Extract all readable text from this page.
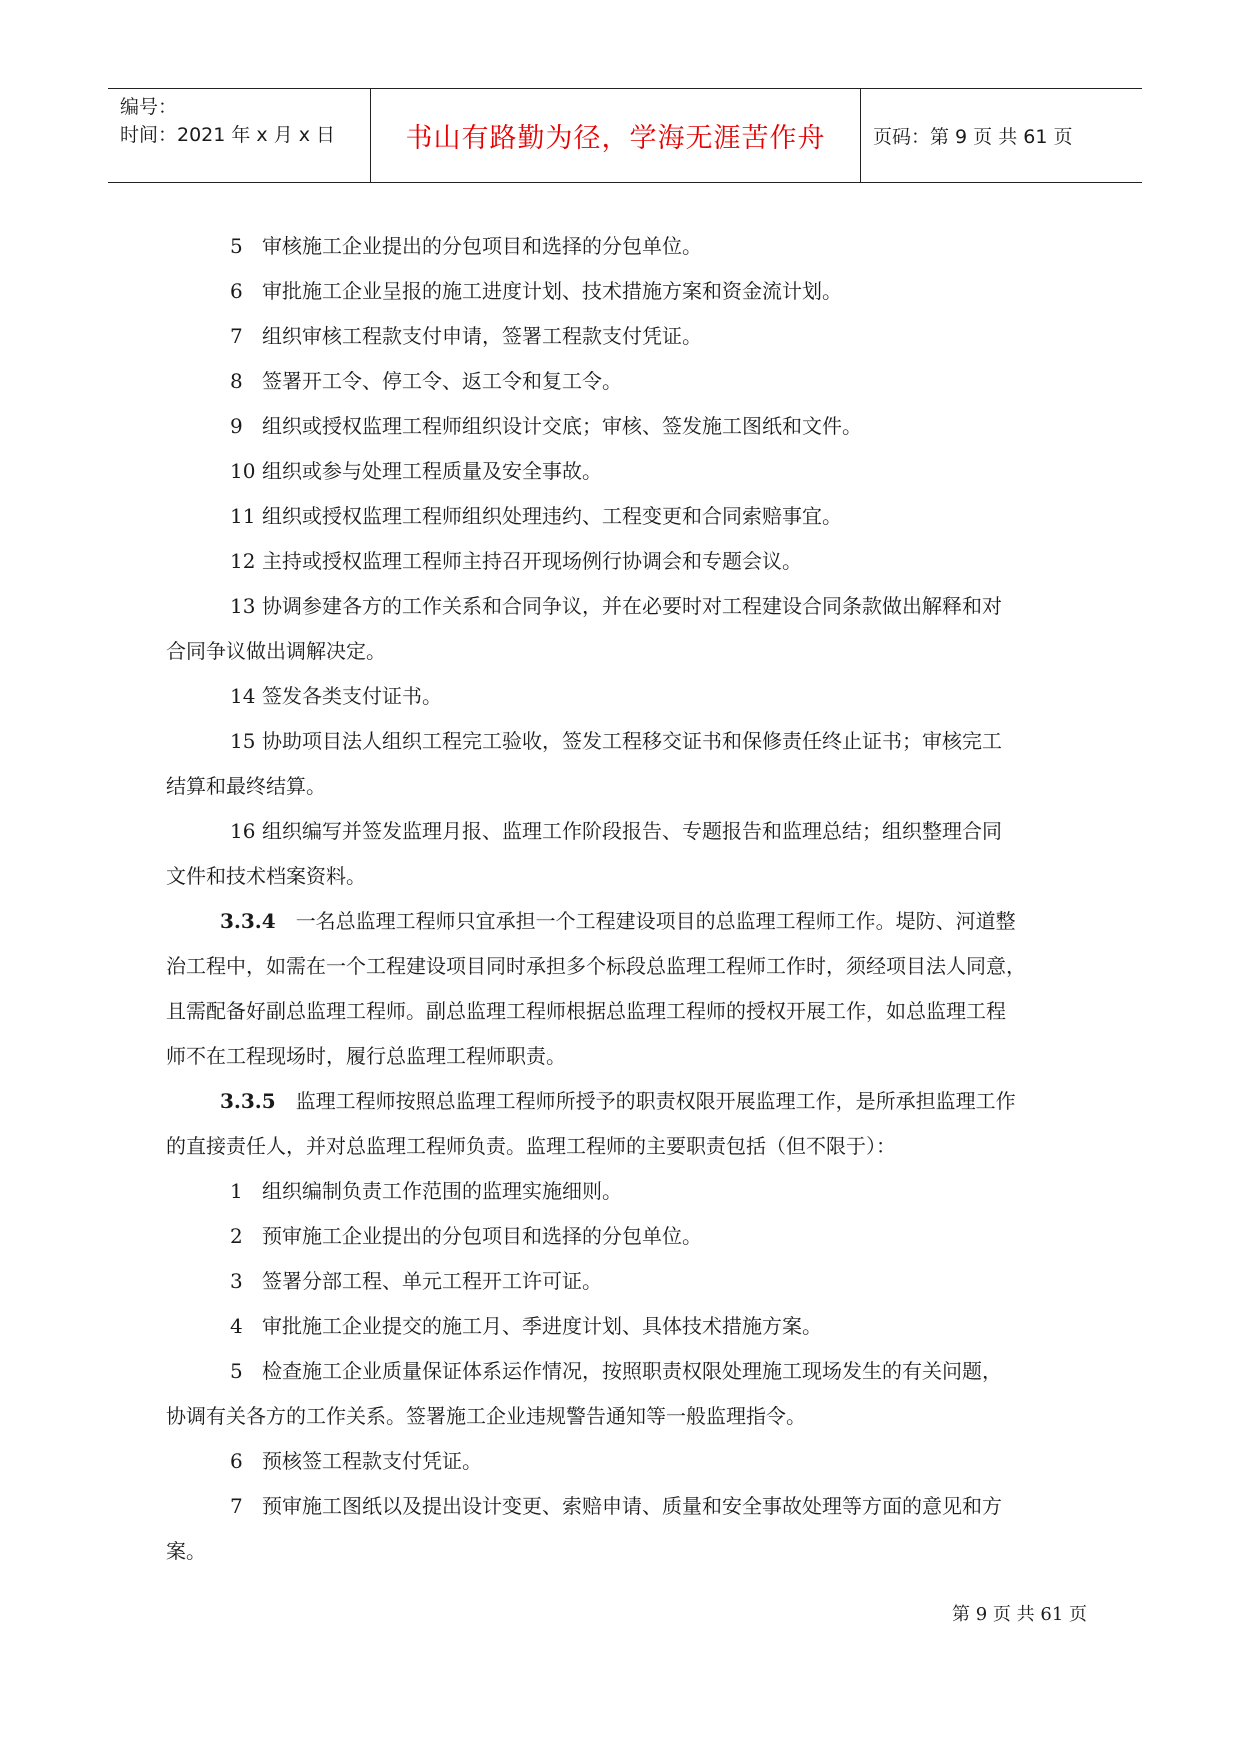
编号：
时间：2021 年 x 月 x 日	书山有路勤为径，学海无涯苦作舟	页码：第 9 页 共 61 页

5 审核施工企业提出的分包项目和选择的分包单位。

6 审批施工企业呈报的施工进度计划、技术措施方案和资金流计划。

7 组织审核工程款支付申请，签署工程款支付凭证。

8 签署开工令、停工令、返工令和复工令。

9 组织或授权监理工程师组织设计交底；审核、签发施工图纸和文件。

10 组织或参与处理工程质量及安全事故。

11 组织或授权监理工程师组织处理违约、工程变更和合同索赔事宜。

12 主持或授权监理工程师主持召开现场例行协调会和专题会议。

13 协调参建各方的工作关系和合同争议，并在必要时对工程建设合同条款做出解释和对

合同争议做出调解决定。

14 签发各类支付证书。

15 协助项目法人组织工程完工验收，签发工程移交证书和保修责任终止证书；审核完工

结算和最终结算。

16 组织编写并签发监理月报、监理工作阶段报告、专题报告和监理总结；组织整理合同

文件和技术档案资料。

3.3.4 一名总监理工程师只宜承担一个工程建设项目的总监理工程师工作。堤防、河道整

治工程中，如需在一个工程建设项目同时承担多个标段总监理工程师工作时，须经项目法人同意，

且需配备好副总监理工程师。副总监理工程师根据总监理工程师的授权开展工作，如总监理工程

师不在工程现场时，履行总监理工程师职责。

3.3.5 监理工程师按照总监理工程师所授予的职责权限开展监理工作，是所承担监理工作

的直接责任人，并对总监理工程师负责。监理工程师的主要职责包括（但不限于）：

1 组织编制负责工作范围的监理实施细则。

2 预审施工企业提出的分包项目和选择的分包单位。

3 签署分部工程、单元工程开工许可证。

4 审批施工企业提交的施工月、季进度计划、具体技术措施方案。

5 检查施工企业质量保证体系运作情况，按照职责权限处理施工现场发生的有关问题，

协调有关各方的工作关系。签署施工企业违规警告通知等一般监理指令。

6 预核签工程款支付凭证。

7 预审施工图纸以及提出设计变更、索赔申请、质量和安全事故处理等方面的意见和方

案。

第 9 页 共 61 页
